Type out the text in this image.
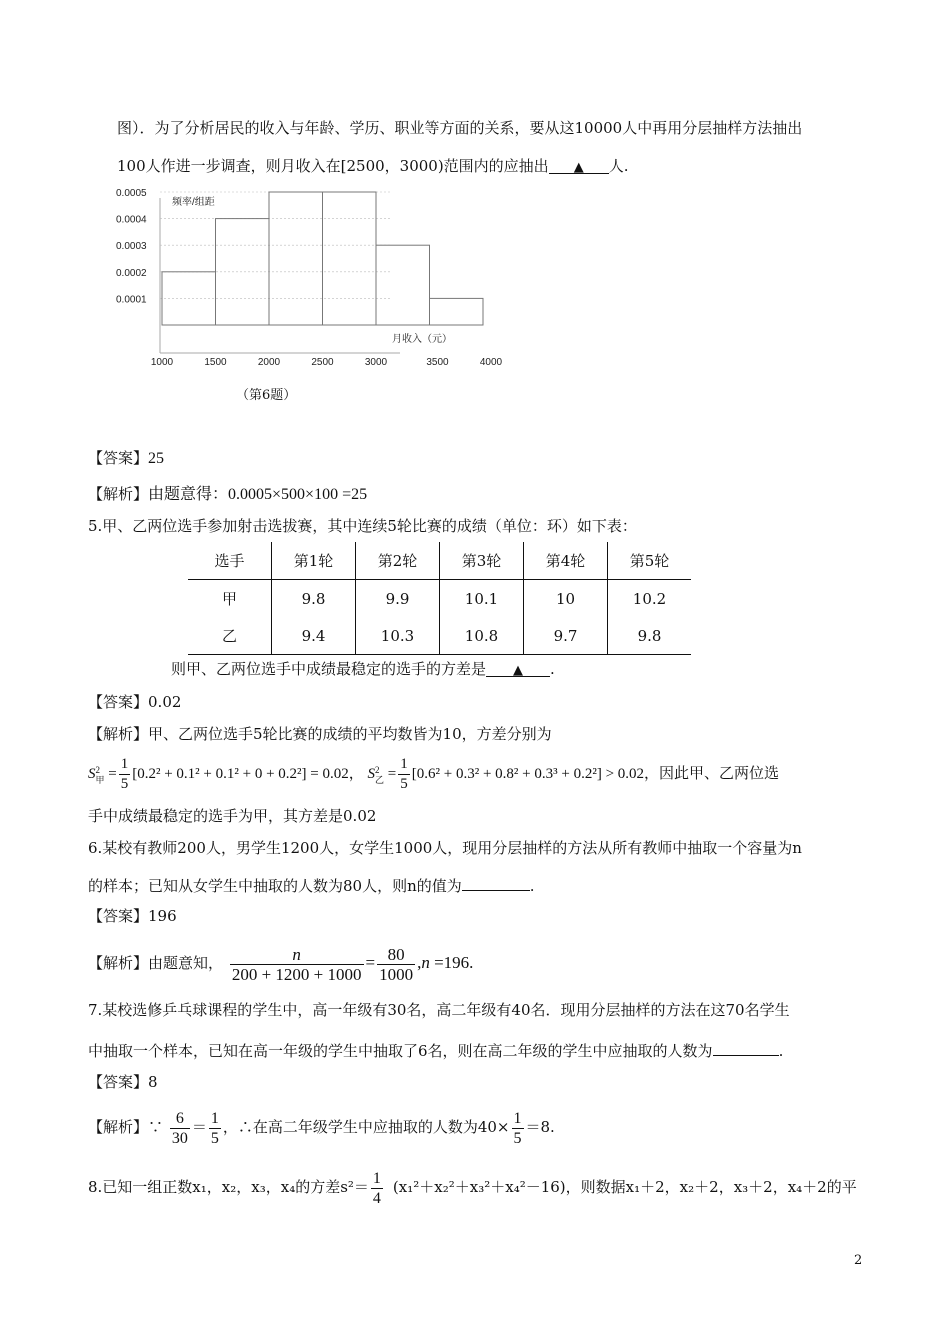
图）．为了分析居民的收入与年龄、学历、职业等方面的关系，要从这10000人中再用分层抽样方法抽出
100人作进一步调查，则月收入在[2500，3000)范围内的应抽出 ▲ 人.
0.0001
0.0002
0.0003
0.0004
0.0005
1000	1500	2000	2500	3000	3500	4000
频率/组距
月收入（元）
（第6题）
【答案】25
【解析】由题意得：0.0005×500×100 =25
5.甲、乙两位选手参加射击选拔赛，其中连续5轮比赛的成绩（单位：环）如下表：
选手	第1轮	第2轮	第3轮	第4轮	第5轮
甲	9.8	9.9	10.1	10	10.2
乙	9.4	10.3	10.8	9.7	9.8
则甲、乙两位选手中成绩最稳定的选手的方差是 ▲ .
【答案】0.02
【解析】甲、乙两位选手5轮比赛的成绩的平均数皆为10，方差分别为
S 2
甲 = $\frac{1}{5} [0.2^2 + 0.1^2 + 0.1^2 + 0 + 0.2^2] = 0.02$， S 2
乙 = $\frac{1}{5} [0.6^2 + 0.3^2 + 0.8^2 + 0.3^3 + 0.2^2] > 0.02$，因此甲、乙两位选
手中成绩最稳定的选手为甲，其方差是0.02
6.某校有教师200人，男学生1200人，女学生1000人，现用分层抽样的方法从所有教师中抽取一个容量为n
的样本；已知从女学生中抽取的人数为80人，则n的值为	.
【答案】196
【解析】由题意知， $\frac{n}{200 + 1200 + 1000} = \frac{80}{1000} ,n =196$.
7.某校选修乒乓球课程的学生中，高一年级有30名，高二年级有40名．现用分层抽样的方法在这70名学生
中抽取一个样本，已知在高一年级的学生中抽取了6名，则在高二年级的学生中应抽取的人数为	.
【答案】8
【解析】∵ $\frac{6}{30} = \frac{1}{5}$ ，∴在高二年级学生中应抽取的人数为$40\times \frac{1}{5} =8$.
8.已知一组正数x₁，x₂，x₃，x₄的方差$s^2= \frac{1}{4} (x_1^2+x_2^2+x_3^2+x_4^2-16)$，则数据x₁＋2，x₂＋2，x₃＋2，x₄＋2的平
2
